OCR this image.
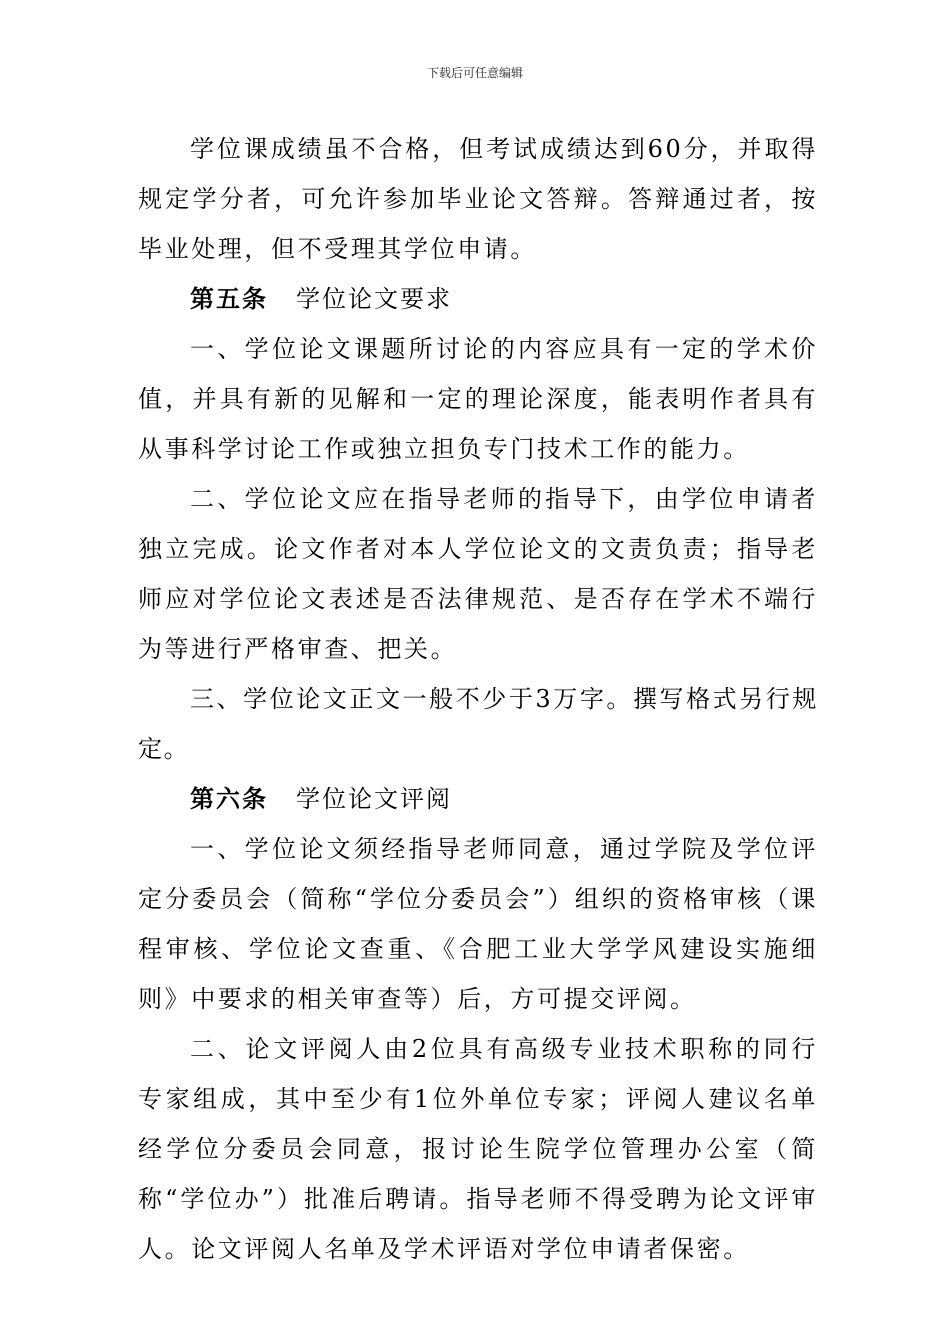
下载后可任意编辑

学位课成绩虽不合格，但考试成绩达到60分，并取得规定学分者，可允许参加毕业论文答辩。答辩通过者，按毕业处理，但不受理其学位申请。

第五条 学位论文要求

一、学位论文课题所讨论的内容应具有一定的学术价值，并具有新的见解和一定的理论深度，能表明作者具有从事科学讨论工作或独立担负专门技术工作的能力。

二、学位论文应在指导老师的指导下，由学位申请者独立完成。论文作者对本人学位论文的文责负责；指导老师应对学位论文表述是否法律规范、是否存在学术不端行为等进行严格审查、把关。

三、学位论文正文一般不少于3万字。撰写格式另行规定。

第六条 学位论文评阅

一、学位论文须经指导老师同意，通过学院及学位评定分委员会（简称“学位分委员会”）组织的资格审核（课程审核、学位论文查重、《合肥工业大学学风建设实施细则》中要求的相关审查等）后，方可提交评阅。

二、论文评阅人由2位具有高级专业技术职称的同行专家组成，其中至少有1位外单位专家；评阅人建议名单经学位分委员会同意，报讨论生院学位管理办公室（简称“学位办”）批准后聘请。指导老师不得受聘为论文评审人。论文评阅人名单及学术评语对学位申请者保密。
